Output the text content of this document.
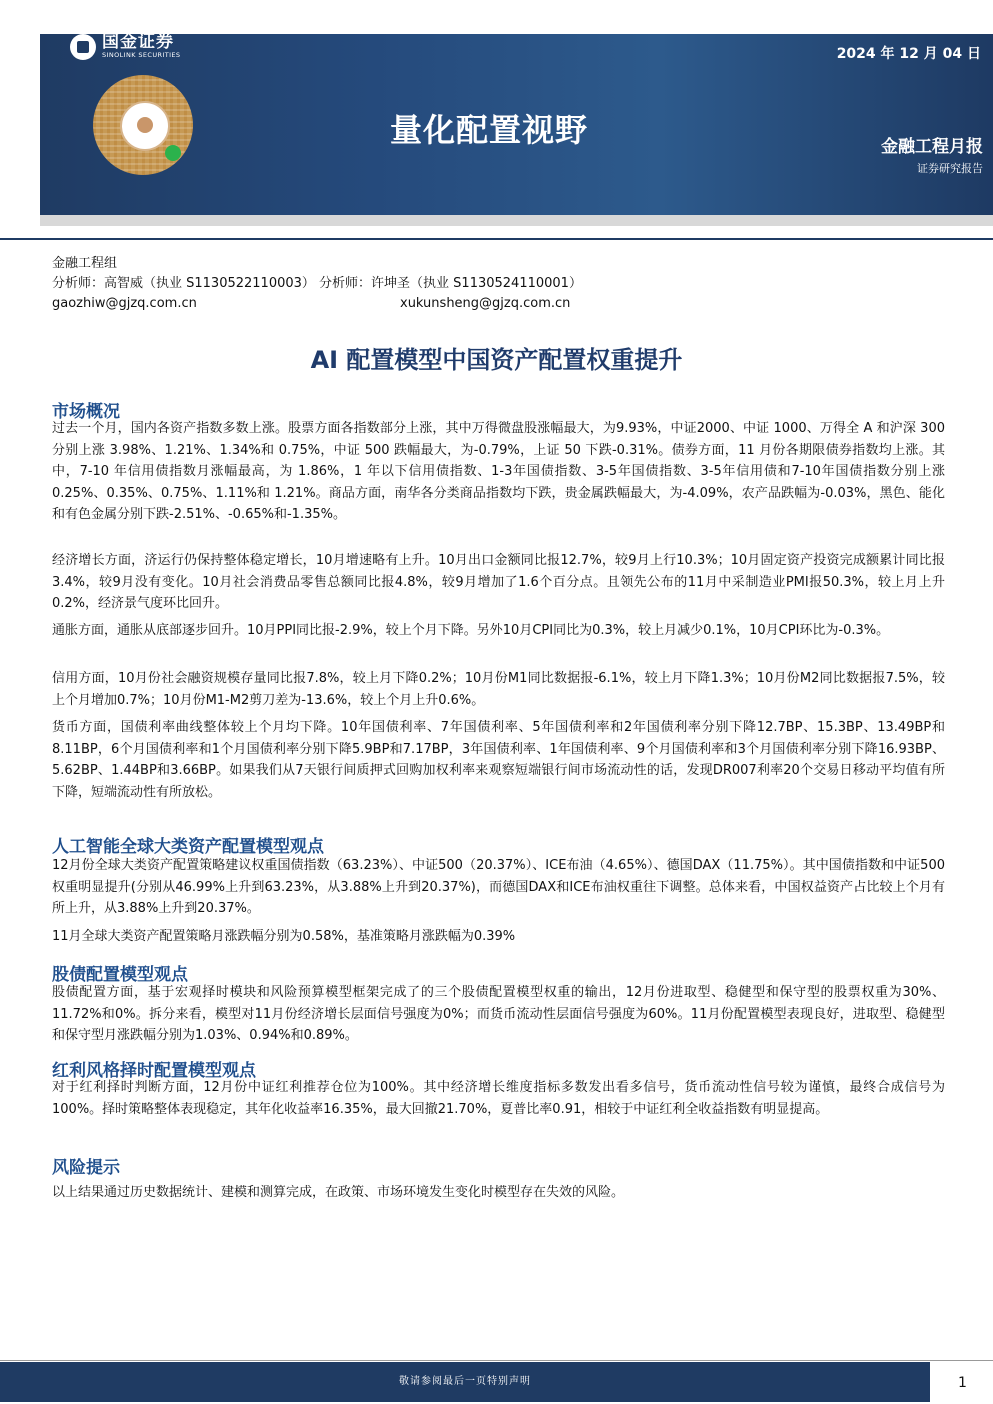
国金证券
SINOLINK SECURITIES
量化配置视野
2024 年 12 月 04 日
金融工程月报
证券研究报告
金融工程组
分析师：高智威（执业 S1130522110003） 分析师：许坤圣（执业 S1130524110001）
gaozhiw@gjzq.com.cn	xukunsheng@gjzq.com.cn
AI 配置模型中国资产配置权重提升
市场概况
过去一个月，国内各资产指数多数上涨。股票方面各指数部分上涨，其中万得微盘股涨幅最大，为9.93%，中证2000、中证 1000、万得全 A 和沪深 300 分别上涨 3.98%、1.21%、1.34%和 0.75%，中证 500 跌幅最大，为-0.79%，上证 50 下跌-0.31%。债券方面，11 月份各期限债券指数均上涨。其中，7-10 年信用债指数月涨幅最高，为 1.86%，1 年以下信用债指数、1-3年国债指数、3-5年国债指数、3-5年信用债和7-10年国债指数分别上涨0.25%、0.35%、0.75%、1.11%和 1.21%。商品方面，南华各分类商品指数均下跌，贵金属跌幅最大，为-4.09%，农产品跌幅为-0.03%，黑色、能化和有色金属分别下跌-2.51%、-0.65%和-1.35%。
经济增长方面，济运行仍保持整体稳定增长，10月增速略有上升。10月出口金额同比报12.7%，较9月上行10.3%；10月固定资产投资完成额累计同比报3.4%，较9月没有变化。10月社会消费品零售总额同比报4.8%，较9月增加了1.6个百分点。且领先公布的11月中采制造业PMI报50.3%，较上月上升0.2%，经济景气度环比回升。
通胀方面，通胀从底部逐步回升。10月PPI同比报-2.9%，较上个月下降。另外10月CPI同比为0.3%，较上月减少0.1%，10月CPI环比为-0.3%。
信用方面，10月份社会融资规模存量同比报7.8%，较上月下降0.2%；10月份M1同比数据报-6.1%，较上月下降1.3%；10月份M2同比数据报7.5%，较上个月增加0.7%；10月份M1-M2剪刀差为-13.6%，较上个月上升0.6%。
货币方面，国债利率曲线整体较上个月均下降。10年国债利率、7年国债利率、5年国债利率和2年国债利率分别下降12.7BP、15.3BP、13.49BP和8.11BP，6个月国债利率和1个月国债利率分别下降5.9BP和7.17BP，3年国债利率、1年国债利率、9个月国债利率和3个月国债利率分别下降16.93BP、5.62BP、1.44BP和3.66BP。如果我们从7天银行间质押式回购加权利率来观察短端银行间市场流动性的话，发现DR007利率20个交易日移动平均值有所下降，短端流动性有所放松。
人工智能全球大类资产配置模型观点
12月份全球大类资产配置策略建议权重国债指数（63.23%）、中证500（20.37%）、ICE布油（4.65%）、德国DAX（11.75%）。其中国债指数和中证500权重明显提升(分别从46.99%上升到63.23%，从3.88%上升到20.37%)，而德国DAX和ICE布油权重往下调整。总体来看，中国权益资产占比较上个月有所上升，从3.88%上升到20.37%。
11月全球大类资产配置策略月涨跌幅分别为0.58%，基准策略月涨跌幅为0.39%
股债配置模型观点
股债配置方面，基于宏观择时模块和风险预算模型框架完成了的三个股债配置模型权重的输出，12月份进取型、稳健型和保守型的股票权重为30%、11.72%和0%。拆分来看，模型对11月份经济增长层面信号强度为0%；而货币流动性层面信号强度为60%。11月份配置模型表现良好，进取型、稳健型和保守型月涨跌幅分别为1.03%、0.94%和0.89%。
红利风格择时配置模型观点
对于红利择时判断方面，12月份中证红利推荐仓位为100%。其中经济增长维度指标多数发出看多信号，货币流动性信号较为谨慎，最终合成信号为100%。择时策略整体表现稳定，其年化收益率16.35%，最大回撤21.70%，夏普比率0.91，相较于中证红利全收益指数有明显提高。
风险提示
以上结果通过历史数据统计、建模和测算完成，在政策、市场环境发生变化时模型存在失效的风险。
敬请参阅最后一页特别声明	1
